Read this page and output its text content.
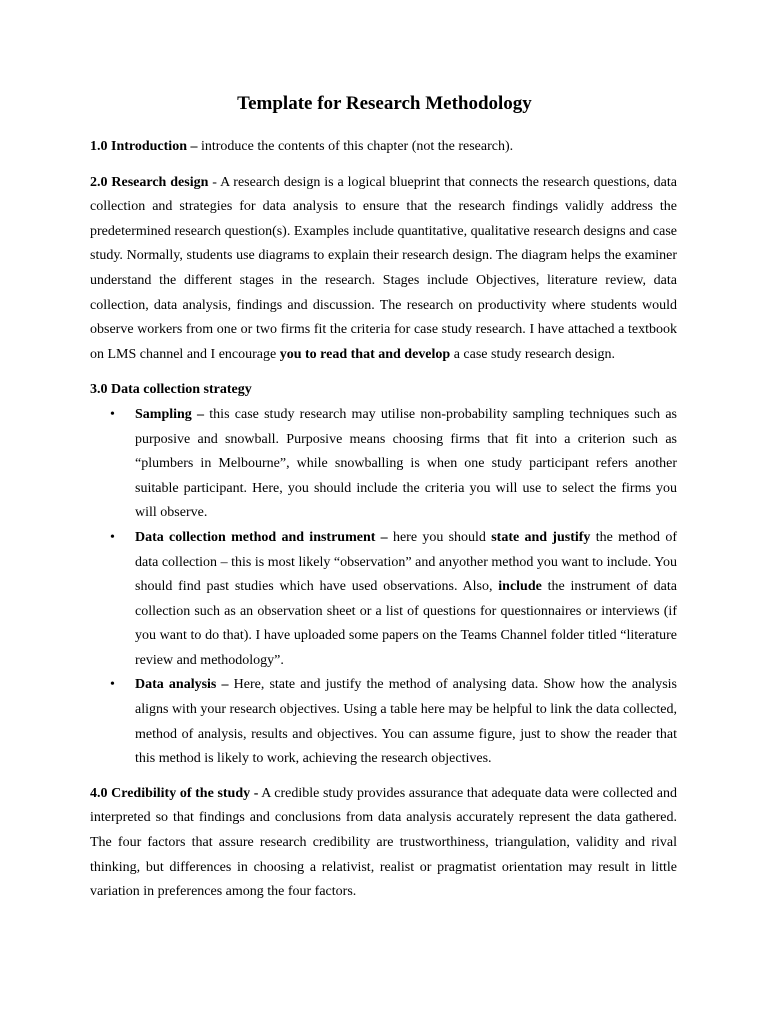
Template for Research Methodology

1.0 Introduction – introduce the contents of this chapter (not the research).

2.0 Research design - A research design is a logical blueprint that connects the research questions, data collection and strategies for data analysis to ensure that the research findings validly address the predetermined research question(s). Examples include quantitative, qualitative research designs and case study. Normally, students use diagrams to explain their research design. The diagram helps the examiner understand the different stages in the research. Stages include Objectives, literature review, data collection, data analysis, findings and discussion. The research on productivity where students would observe workers from one or two firms fit the criteria for case study research. I have attached a textbook on LMS channel and I encourage you to read that and develop a case study research design.

3.0 Data collection strategy
• Sampling – this case study research may utilise non-probability sampling techniques such as purposive and snowball. Purposive means choosing firms that fit into a criterion such as “plumbers in Melbourne”, while snowballing is when one study participant refers another suitable participant. Here, you should include the criteria you will use to select the firms you will observe.
• Data collection method and instrument – here you should state and justify the method of data collection – this is most likely “observation” and anyother method you want to include. You should find past studies which have used observations. Also, include the instrument of data collection such as an observation sheet or a list of questions for questionnaires or interviews (if you want to do that). I have uploaded some papers on the Teams Channel folder titled “literature review and methodology”.
• Data analysis – Here, state and justify the method of analysing data. Show how the analysis aligns with your research objectives. Using a table here may be helpful to link the data collected, method of analysis, results and objectives. You can assume figure, just to show the reader that this method is likely to work, achieving the research objectives.

4.0 Credibility of the study - A credible study provides assurance that adequate data were collected and interpreted so that findings and conclusions from data analysis accurately represent the data gathered. The four factors that assure research credibility are trustworthiness, triangulation, validity and rival thinking, but differences in choosing a relativist, realist or pragmatist orientation may result in little variation in preferences among the four factors.
